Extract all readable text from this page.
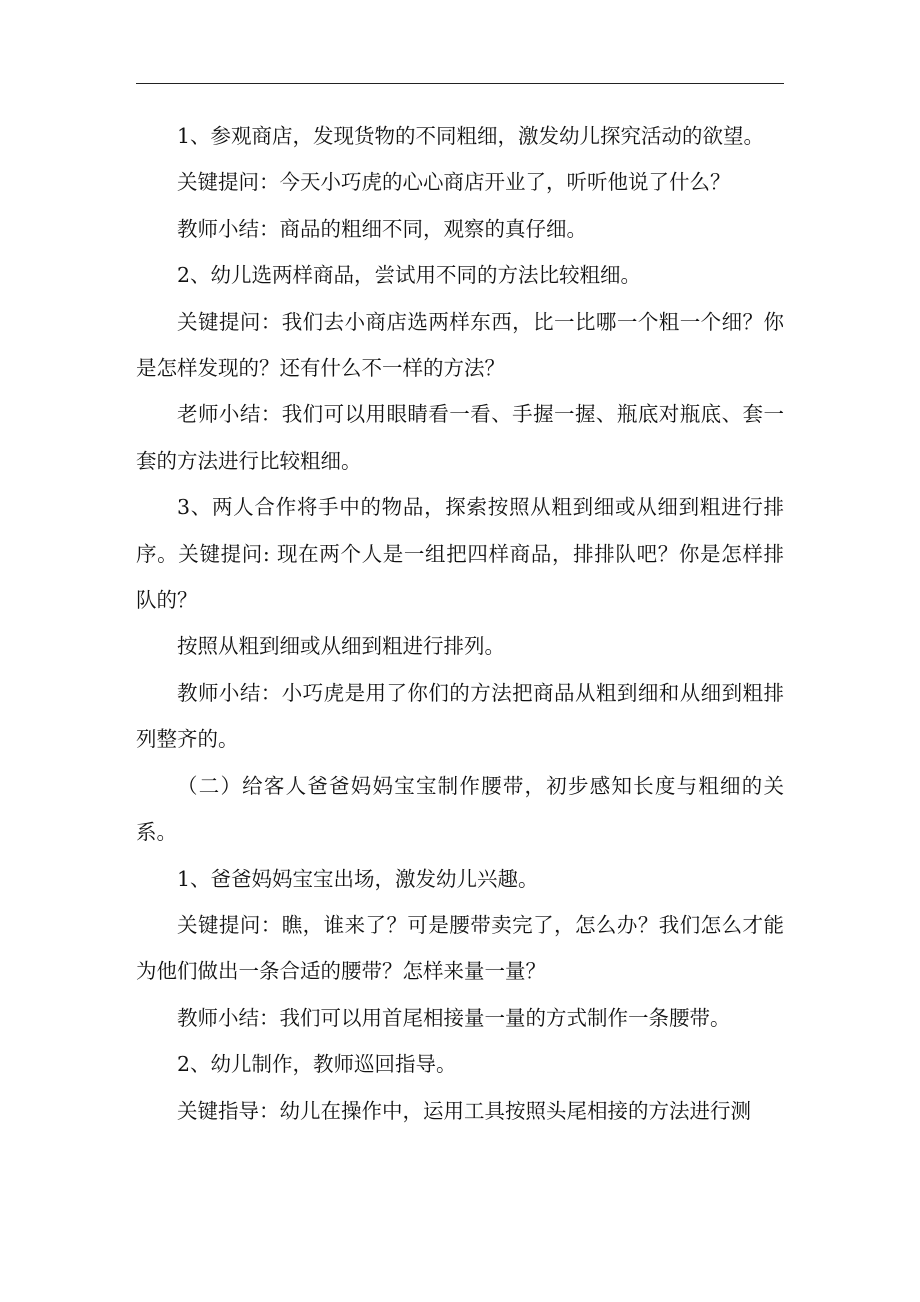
1、参观商店，发现货物的不同粗细，激发幼儿探究活动的欲望。

关键提问：今天小巧虎的心心商店开业了，听听他说了什么？

教师小结：商品的粗细不同，观察的真仔细。

2、幼儿选两样商品，尝试用不同的方法比较粗细。

关键提问：我们去小商店选两样东西，比一比哪一个粗一个细？你是怎样发现的？还有什么不一样的方法？

老师小结：我们可以用眼睛看一看、手握一握、瓶底对瓶底、套一套的方法进行比较粗细。

3、两人合作将手中的物品，探索按照从粗到细或从细到粗进行排序。关键提问: 现在两个人是一组把四样商品，排排队吧？你是怎样排队的？

按照从粗到细或从细到粗进行排列。

教师小结：小巧虎是用了你们的方法把商品从粗到细和从细到粗排列整齐的。

（二）给客人爸爸妈妈宝宝制作腰带，初步感知长度与粗细的关系。

1、爸爸妈妈宝宝出场，激发幼儿兴趣。

关键提问：瞧，谁来了？可是腰带卖完了，怎么办？我们怎么才能为他们做出一条合适的腰带？怎样来量一量？

教师小结：我们可以用首尾相接量一量的方式制作一条腰带。

2、幼儿制作，教师巡回指导。

关键指导：幼儿在操作中，运用工具按照头尾相接的方法进行测
